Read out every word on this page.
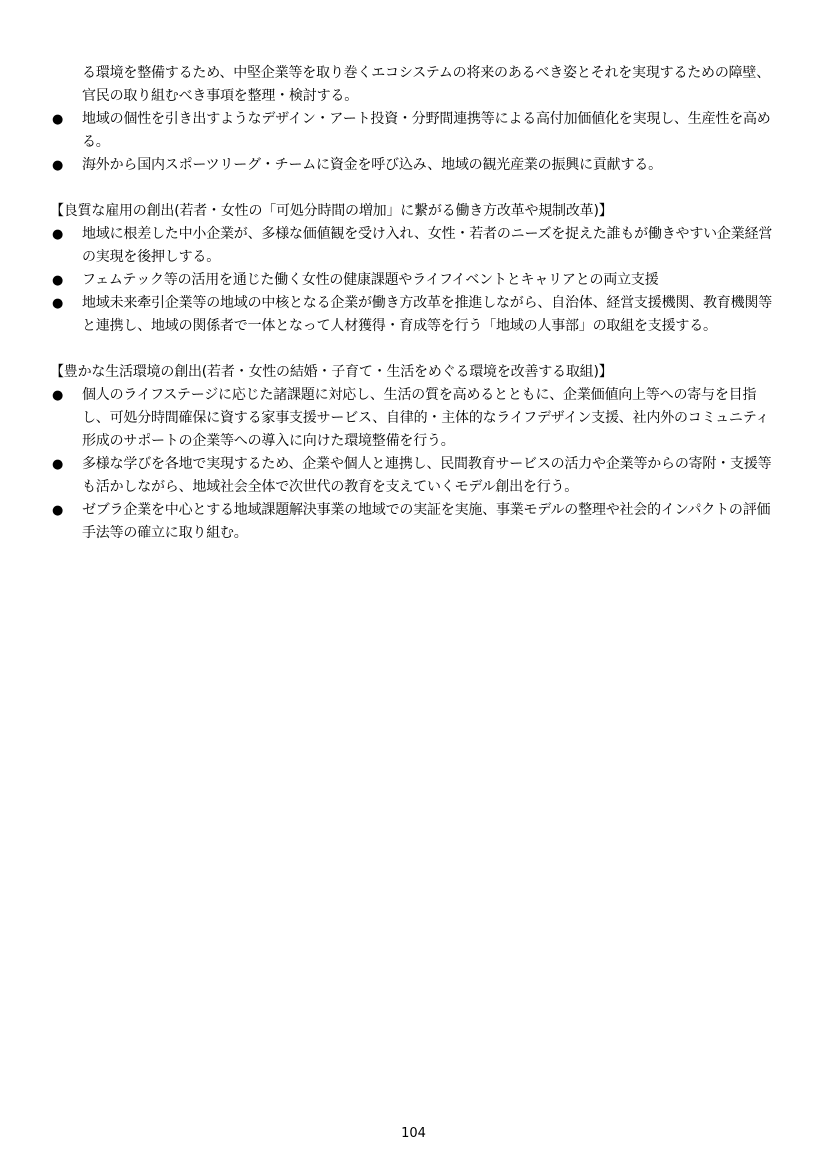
る環境を整備するため、中堅企業等を取り巻くエコシステムの将来のあるべき姿とそれを実現するための障壁、官民の取り組むべき事項を整理・検討する。

●	地域の個性を引き出すようなデザイン・アート投資・分野間連携等による高付加価値化を実現し、生産性を高める。
●	海外から国内スポーツリーグ・チームに資金を呼び込み、地域の観光産業の振興に貢献する。
【良質な雇用の創出(若者・女性の「可処分時間の増加」に繋がる働き方改革や規制改革)】
●	地域に根差した中小企業が、多様な価値観を受け入れ、女性・若者のニーズを捉えた誰もが働きやすい企業経営の実現を後押しする。
●	フェムテック等の活用を通じた働く女性の健康課題やライフイベントとキャリアとの両立支援
●	地域未来牽引企業等の地域の中核となる企業が働き方改革を推進しながら、自治体、経営支援機関、教育機関等と連携し、地域の関係者で一体となって人材獲得・育成等を行う「地域の人事部」の取組を支援する。
【豊かな生活環境の創出(若者・女性の結婚・子育て・生活をめぐる環境を改善する取組)】
●	個人のライフステージに応じた諸課題に対応し、生活の質を高めるとともに、企業価値向上等への寄与を目指し、可処分時間確保に資する家事支援サービス、自律的・主体的なライフデザイン支援、社内外のコミュニティ形成のサポートの企業等への導入に向けた環境整備を行う。
●	多様な学びを各地で実現するため、企業や個人と連携し、民間教育サービスの活力や企業等からの寄附・支援等も活かしながら、地域社会全体で次世代の教育を支えていくモデル創出を行う。
●	ゼブラ企業を中心とする地域課題解決事業の地域での実証を実施、事業モデルの整理や社会的インパクトの評価手法等の確立に取り組む。
104
